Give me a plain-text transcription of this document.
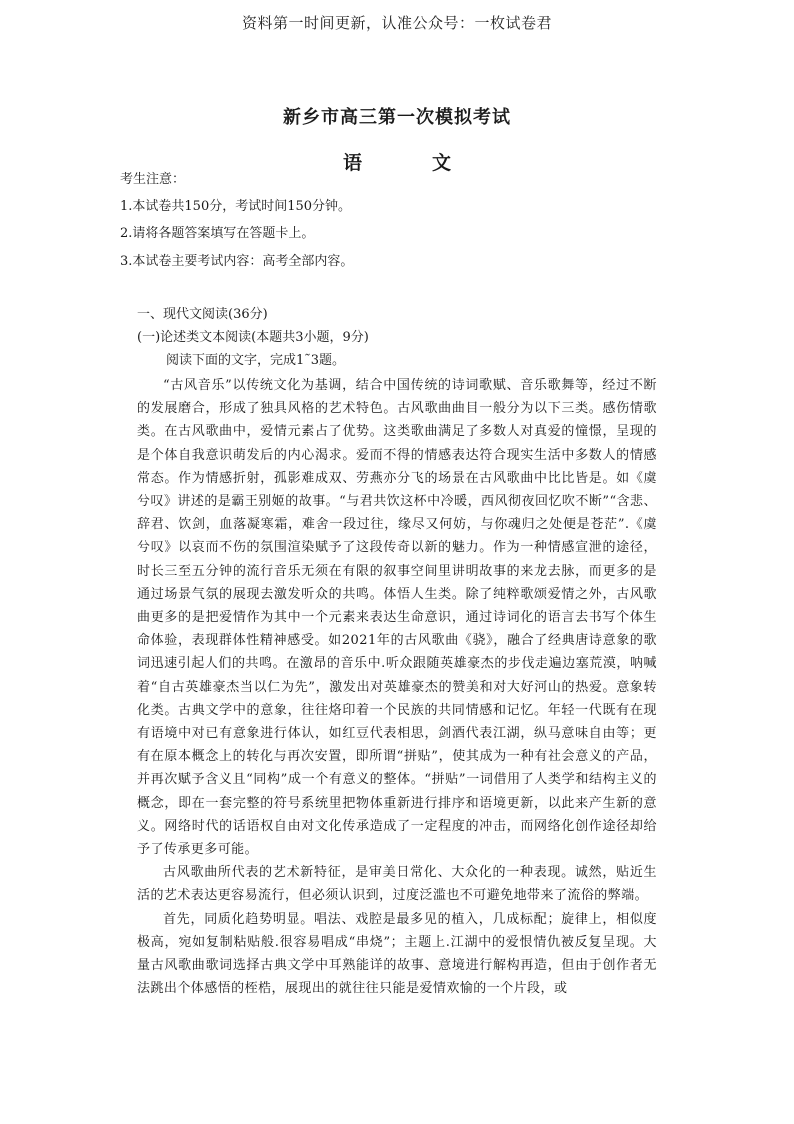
资料第一时间更新，认准公众号：一枚试卷君
新乡市高三第一次模拟考试
语	文
考生注意：
1.本试卷共150分，考试时间150分钟。
2.请将各题答案填写在答题卡上。
3.本试卷主要考试内容：高考全部内容。
一、现代文阅读(36分)
(一)论述类文本阅读(本题共3小题，9分)
阅读下面的文字，完成1˜3题。

“古风音乐”以传统文化为基调，结合中国传统的诗词歌赋、音乐歌舞等，经过不断的发展磨合，形成了独具风格的艺术特色。古风歌曲曲目一般分为以下三类。感伤情歌类。在古风歌曲中，爱情元素占了优势。这类歌曲满足了多数人对真爱的憧憬，呈现的是个体自我意识萌发后的内心渴求。爱而不得的情感表达符合现实生活中多数人的情感常态。作为情感折射，孤影难成双、劳燕亦分飞的场景在古风歌曲中比比皆是。如《虞兮叹》讲述的是霸王别姬的故事。“与君共饮这杯中冷暖，西风彻夜回忆吹不断”“含悲、辞君、饮剑，血落凝寒霜，难舍一段过往，缘尽又何妨，与你魂归之处便是苍茫”.《虞兮叹》以哀而不伤的氛围渲染赋予了这段传奇以新的魅力。作为一种情感宣泄的途径，时长三至五分钟的流行音乐无须在有限的叙事空间里讲明故事的来龙去脉，而更多的是通过场景气氛的展现去激发听众的共鸣。体悟人生类。除了纯粹歌颂爱情之外，古风歌曲更多的是把爱情作为其中一个元素来表达生命意识，通过诗词化的语言去书写个体生命体验，表现群体性精神感受。如2021年的古风歌曲《骁》，融合了经典唐诗意象的歌词迅速引起人们的共鸣。在激昂的音乐中.听众跟随英雄豪杰的步伐走遍边塞荒漠，呐喊着“自古英雄豪杰当以仁为先”，激发出对英雄豪杰的赞美和对大好河山的热爱。意象转化类。古典文学中的意象，往往烙印着一个民族的共同情感和记忆。年轻一代既有在现有语境中对已有意象进行体认，如红豆代表相思，剑酒代表江湖，纵马意味自由等；更有在原本概念上的转化与再次安置，即所谓“拼贴”，使其成为一种有社会意义的产品，并再次赋予含义且“同构”成一个有意义的整体。“拼贴”一词借用了人类学和结构主义的概念，即在一套完整的符号系统里把物体重新进行排序和语境更新，以此来产生新的意义。网络时代的话语权自由对文化传承造成了一定程度的冲击，而网络化创作途径却给予了传承更多可能。

古风歌曲所代表的艺术新特征，是审美日常化、大众化的一种表现。诚然，贴近生活的艺术表达更容易流行，但必须认识到，过度泛滥也不可避免地带来了流俗的弊端。

首先，同质化趋势明显。唱法、戏腔是最多见的植入，几成标配；旋律上，相似度极高，宛如复制粘贴般.很容易唱成“串烧”；主题上.江湖中的爱恨情仇被反复呈现。大量古风歌曲歌词选择古典文学中耳熟能详的故事、意境进行解构再造，但由于创作者无法跳出个体感悟的桎梏，展现出的就往往只能是爱情欢愉的一个片段，或
